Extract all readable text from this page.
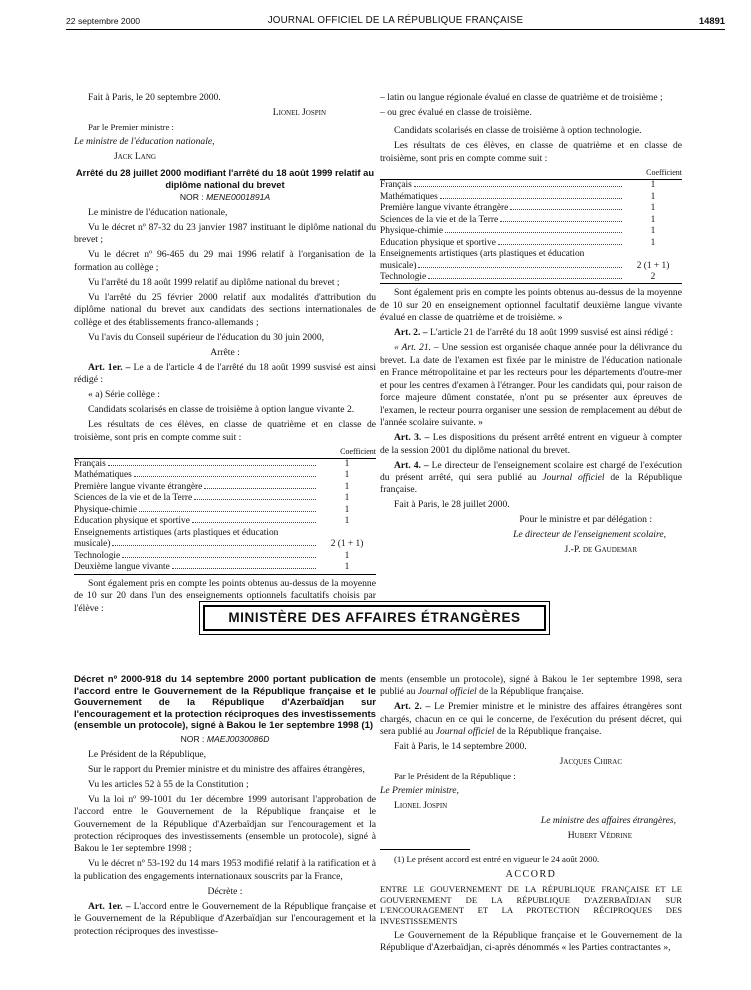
22 septembre 2000	JOURNAL OFFICIEL DE LA RÉPUBLIQUE FRANÇAISE	14891

Fait à Paris, le 20 septembre 2000.

Lionel Jospin

Par le Premier ministre :

Le ministre de l'éducation nationale,

Jack Lang

Arrêté du 28 juillet 2000 modifiant l'arrêté du 18 août 1999 relatif au diplôme national du brevet
NOR : MENE0001891A

Le ministre de l'éducation nationale,

Vu le décret nº 87-32 du 23 janvier 1987 instituant le diplôme national du brevet ;

Vu le décret nº 96-465 du 29 mai 1996 relatif à l'organisation de la formation au collège ;

Vu l'arrêté du 18 août 1999 relatif au diplôme national du brevet ;

Vu l'arrêté du 25 février 2000 relatif aux modalités d'attribution du diplôme national du brevet aux candidats des sections internationales de collège et des établissements franco-allemands ;

Vu l'avis du Conseil supérieur de l'éducation du 30 juin 2000,

Arrête :

Art. 1er. – Le a de l'article 4 de l'arrêté du 18 août 1999 susvisé est ainsi rédigé :

« a) Série collège :

Candidats scolarisés en classe de troisième à option langue vivante 2.

Les résultats de ces élèves, en classe de quatrième et en classe de troisième, sont pris en compte comme suit :

Coefficient
Français	1

Mathématiques	1

Première langue vivante étrangère	1

Sciences de la vie et de la Terre	1

Physique-chimie	1

Education physique et sportive	1

Enseignements artistiques (arts plastiques et éducation	

musicale)	2 (1 + 1)

Technologie	1

Deuxième langue vivante	1

Sont également pris en compte les points obtenus au-dessus de la moyenne de 10 sur 20 dans l'un des enseignements optionnels facultatifs choisis par l'élève :

– latin ou langue régionale évalué en classe de quatrième et de troisième ;

– ou grec évalué en classe de troisième.

Candidats scolarisés en classe de troisième à option technologie.

Les résultats de ces élèves, en classe de quatrième et en classe de troisième, sont pris en compte comme suit :

Coefficient
Français	1

Mathématiques	1

Première langue vivante étrangère	1

Sciences de la vie et de la Terre	1

Physique-chimie	1

Education physique et sportive	1

Enseignements artistiques (arts plastiques et éducation	

musicale)	2 (1 + 1)

Technologie	2

Sont également pris en compte les points obtenus au-dessus de la moyenne de 10 sur 20 en enseignement optionnel facultatif deuxième langue vivante évalué en classe de quatrième et de troisième. »

Art. 2. – L'article 21 de l'arrêté du 18 août 1999 susvisé est ainsi rédigé :

« Art. 21. – Une session est organisée chaque année pour la délivrance du brevet. La date de l'examen est fixée par le ministre de l'éducation nationale en France métropolitaine et par les recteurs pour les départements d'outre-mer et pour les centres d'examen à l'étranger. Pour les candidats qui, pour raison de force majeure dûment constatée, n'ont pu se présenter aux épreuves de l'examen, le recteur pourra organiser une session de remplacement au début de l'année scolaire suivante. »

Art. 3. – Les dispositions du présent arrêté entrent en vigueur à compter de la session 2001 du diplôme national du brevet.

Art. 4. – Le directeur de l'enseignement scolaire est chargé de l'exécution du présent arrêté, qui sera publié au Journal officiel de la République française.

Fait à Paris, le 28 juillet 2000.

Pour le ministre et par délégation :

Le directeur de l'enseignement scolaire,

J.-P. de Gaudemar

MINISTÈRE DES AFFAIRES ÉTRANGÈRES
Décret nº 2000-918 du 14 septembre 2000 portant publication de l'accord entre le Gouvernement de la République française et le Gouvernement de la République d'Azerbaïdjan sur l'encouragement et la protection réciproques des investissements (ensemble un protocole), signé à Bakou le 1er septembre 1998 (1)
NOR : MAEJ0030086D

Le Président de la République,

Sur le rapport du Premier ministre et du ministre des affaires étrangères,

Vu les articles 52 à 55 de la Constitution ;

Vu la loi nº 99-1001 du 1er décembre 1999 autorisant l'approbation de l'accord entre le Gouvernement de la République française et le Gouvernement de la République d'Azerbaïdjan sur l'encouragement et la protection réciproques des investissements (ensemble un protocole), signé à Bakou le 1er septembre 1998 ;

Vu le décret nº 53-192 du 14 mars 1953 modifié relatif à la ratification et à la publication des engagements internationaux souscrits par la France,

Décrète :

Art. 1er. – L'accord entre le Gouvernement de la République française et le Gouvernement de la République d'Azerbaïdjan sur l'encouragement et la protection réciproques des investisse-

ments (ensemble un protocole), signé à Bakou le 1er septembre 1998, sera publié au Journal officiel de la République française.

Art. 2. – Le Premier ministre et le ministre des affaires étrangères sont chargés, chacun en ce qui le concerne, de l'exécution du présent décret, qui sera publié au Journal officiel de la République française.

Fait à Paris, le 14 septembre 2000.

Jacques Chirac

Par le Président de la République :

Le Premier ministre,

Lionel Jospin

Le ministre des affaires étrangères,

Hubert Védrine

(1) Le présent accord est entré en vigueur le 24 août 2000.

ACCORD

ENTRE LE GOUVERNEMENT DE LA RÉPUBLIQUE FRANÇAISE ET LE GOUVERNEMENT DE LA RÉPUBLIQUE D'AZERBAÏDJAN SUR L'ENCOURAGEMENT ET LA PROTECTION RÉCIPROQUES DES INVESTISSEMENTS

Le Gouvernement de la République française et le Gouvernement de la République d'Azerbaïdjan, ci-après dénommés « les Parties contractantes »,
